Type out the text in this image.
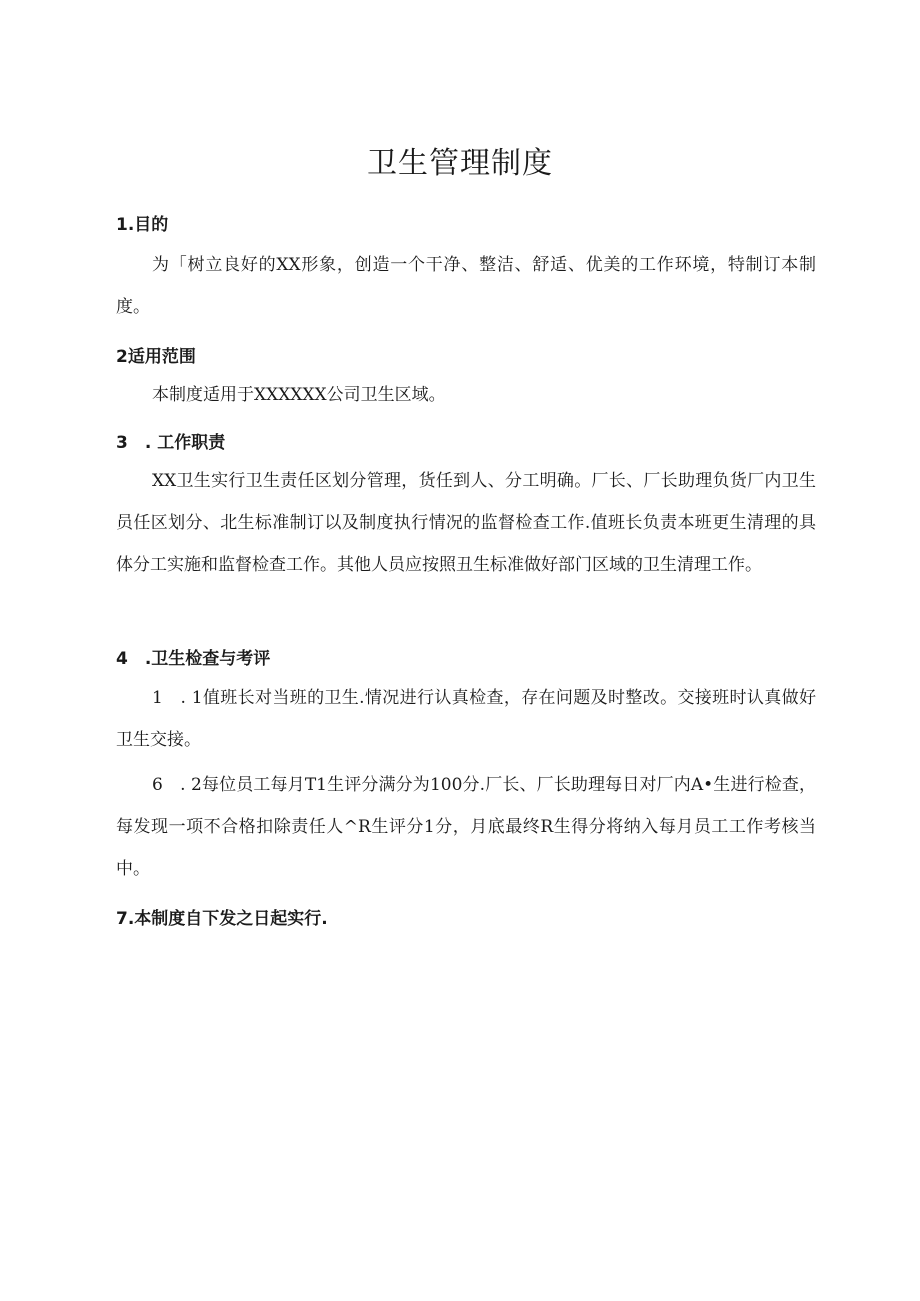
卫生管理制度
1.目的

为「树立良好的XX形象，创造一个干净、整洁、舒适、优美的工作环境，特制订本制度。

2适用范围

本制度适用于XXXXXX公司卫生区域。

3　. 工作职责

XX卫生实行卫生责任区划分管理，货任到人、分工明确。厂长、厂长助理负货厂内卫生员任区划分、北生标准制订以及制度执行情况的监督检查工作.值班长负责本班更生清理的具体分工实施和监督检查工作。其他人员应按照丑生标准做好部门区域的卫生清理工作。

4　.卫生检查与考评

1　. 1值班长对当班的卫生.情况进行认真检查，存在问题及时整改。交接班时认真做好卫生交接。

6　. 2每位员工每月T1生评分满分为100分.厂长、厂长助理每日对厂内A•生进行检查，每发现一项不合格扣除责任人^R生评分1分，月底最终R生得分将纳入每月员工工作考核当中。

7.本制度自下发之日起实行.
